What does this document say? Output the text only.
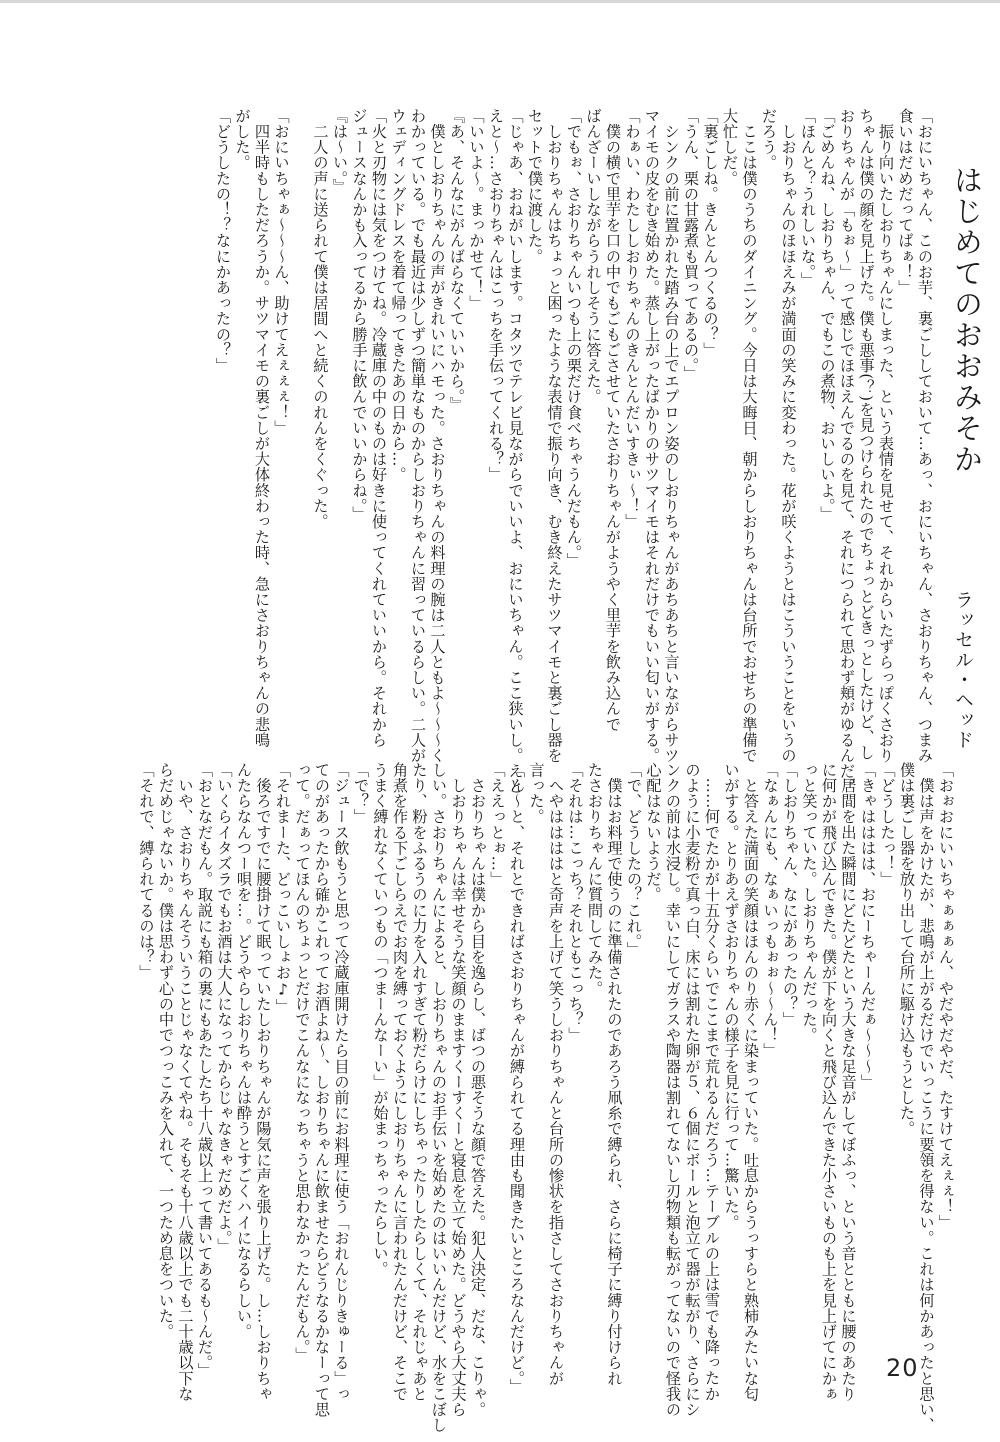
はじめてのおおみそか
ラッセル・ヘッド
「おにいちゃん、このお芋、裏ごししておいて…あっ、おにいちゃん、さおりちゃん、つまみ
食いはだめだってばぁ！」
　振り向いたしおりちゃんにしまった、という表情を見せて、それからいたずらっぽくさおり
ちゃんは僕の顔を見上げた。僕も悪事(？)を見つけられたのでちょっとどきっとしたけど、し
おりちゃんが「もぉ～」って感じでほほえんでるのを見て、それにつられて思わず頬がゆるんだ。
「ごめんね、しおりちゃん、でもこの煮物、おいしいよ。」
「ほんと？うれしいな。」
　しおりちゃんのほほえみが満面の笑みに変わった。花が咲くようとはこういうことをいうの
だろう。
　ここは僕のうちのダイニング。今日は大晦日、朝からしおりちゃんは台所でおせちの準備で
大忙しだ。
「裏ごしね。きんとんつくるの？」
「うん、栗の甘露煮も買ってあるの。」
　シンクの前に置かれた踏み台の上でエプロン姿のしおりちゃんがあちあちと言いながらサツ
マイモの皮をむき始めた。蒸し上がったばかりのサツマイモはそれだけでもいい匂いがする。
「わぁい、わたししおりちゃんのきんとんだいすきぃ～！」
　僕の横で里芋を口の中でもごもごさせていたさおりちゃんがようやく里芋を飲み込んで
ばんざーいしながらうれしそうに答えた。
「でもぉ、さおりちゃんいつも上の栗だけ食べちゃうんだもん。」
　しおりちゃんはちょっと困ったような表情で振り向き、むき終えたサツマイモと裏ごし器を
セットで僕に渡した。
「じゃあ、おねがいします。コタツでテレビ見ながらでいいよ、おにいちゃん。ここ狭いし。えと
えと～…さおりちゃんはこっちを手伝ってくれる？」
「いいよ～。まっかせて！」
『あ、そんなにがんばらなくていいから。』
　僕としおりちゃんの声がきれいにハモった。さおりちゃんの料理の腕は二人ともよ～～～く
わかっている。でも最近は少しずつ簡単なものからしおりちゃんに習っているらしい。二人が
ウェディングドレスを着て帰ってきたあの日から…。
「火と刃物には気をつけてね。冷蔵庫の中のものは好きに使ってくれていいから。それから
ジュースなんかも入ってるから勝手に飲んでいいからね。」
『は～い。』
　二人の声に送られて僕は居間へと続くのれんをくぐった。

「おにいちゃぁ～～～ん、助けてえぇぇぇ！」
　四半時もしただろうか。サツマイモの裏ごしが大体終わった時、急にさおりちゃんの悲鳴
がした。
「どうしたの！？なにかあったの？」
「おぉおにいいちゃぁぁぁん、やだやだやだ、たすけてえぇぇ！」
　僕は声をかけたが、悲鳴が上がるだけでいっこうに要領を得ない。これは何かあったと思い、
僕は裏ごし器を放り出して台所に駆け込もうとした。
「どうしたっ！」
「きゃはははは、おにーちゃーんだぁ～～～」
　居間を出た瞬間にどたどたという大きな足音がしてぼふっ、という音とともに腰のあたり
に何かが飛び込んできた。僕が下を向くと飛び込んできた小さいものも上を見上げてにかぁ
っと笑っていた。しおりちゃんだった。
「しおりちゃん、なにがあったの？」
「なぁんにも、なぁいっもぉぉ～～ん！」
　と答えた満面の笑顔はほんのり赤くに染まっていた。吐息からうっすらと熟柿みたいな匂
いがする。とりあえずさおりちゃんの様子を見に行って…驚いた。
　……何でたかが十五分くらいでここまで荒れるんだろう…テーブルの上は雪でも降ったか
のように小麦粉で真っ白、床には割れた卵が５、６個にボールと泡立て器が転がり、さらにシ
ンクの前は水浸し。幸いにしてガラスや陶器は割れてないし刃物類も転がってないので怪我の
心配はないようだ。
「で、どうしたの？これ。」
　僕はお料理で使うのに準備されたのであろう凧糸で縛られ、さらに椅子に縛り付けられ
たさおりちゃんに質問してみた。
「それは…こっち？それともこっち？」
　へやははははと奇声を上げて笑うしおりちゃんと台所の惨状を指さしてさおりちゃんが
言った。
「ん～と、それとできればさおりちゃんが縛られてる理由も聞きたいところなんだけど。」
「ええっとぉ…」
　さおりちゃんは僕から目を逸らし、ばつの悪そうな顔で答えた。犯人決定、だな、こりゃ。
　しおりちゃんは幸せそうな笑顔のまますくーすくーと寝息を立て始めた。どうやら大丈夫ら
しい。さおりちゃんによると、しおりちゃんのお手伝いを始めたのはいいんだけど、水をこぼし
たり、粉をふるうのに力を入れすぎて粉だらけにしちゃったりしたらしくて、それじゃあと
角煮を作る下ごしらえでお肉を縛っておくようにしおりちゃんに言われたんだけど、そこで
うまく縛れなくていつもの「つまーんなーい」が始まっちゃったらしい。
「で？」
「ジュース飲もうと思って冷蔵庫開けたら目の前にお料理に使う「おれんじりきゅーる」っ
てのがあったから確かこれってお酒よね～、しおりちゃんに飲ませたらどうなるかなーって思
って。だぁってほんのちょっとだけでこんなになっちゃうと思わなかったんだもん。」
「それまーた、どっこいしょお♪」
　後ろですでに腰掛けて眠っていたしおりちゃんが陽気に声を張り上げた。し…しおりちゃ
んたらなんつー唄を…。どうやらしおりちゃんは酔うとすごくハイになるらしい。
「いくらイタズラでもお酒は大人になってからじゃなきゃだめだよ。」
「おとなだもん。取説にも箱の裏にもあたしたち十八歳以上って書いてあるも～んだ。」
　いや、さおりちゃんそういうことじゃなくてやね。そもそも十八歳以上でも二十歳以下な
らだめじゃないか。僕は思わず心の中でつっこみを入れて、一つため息をついた。
「それで、縛られてるのは？」
20
